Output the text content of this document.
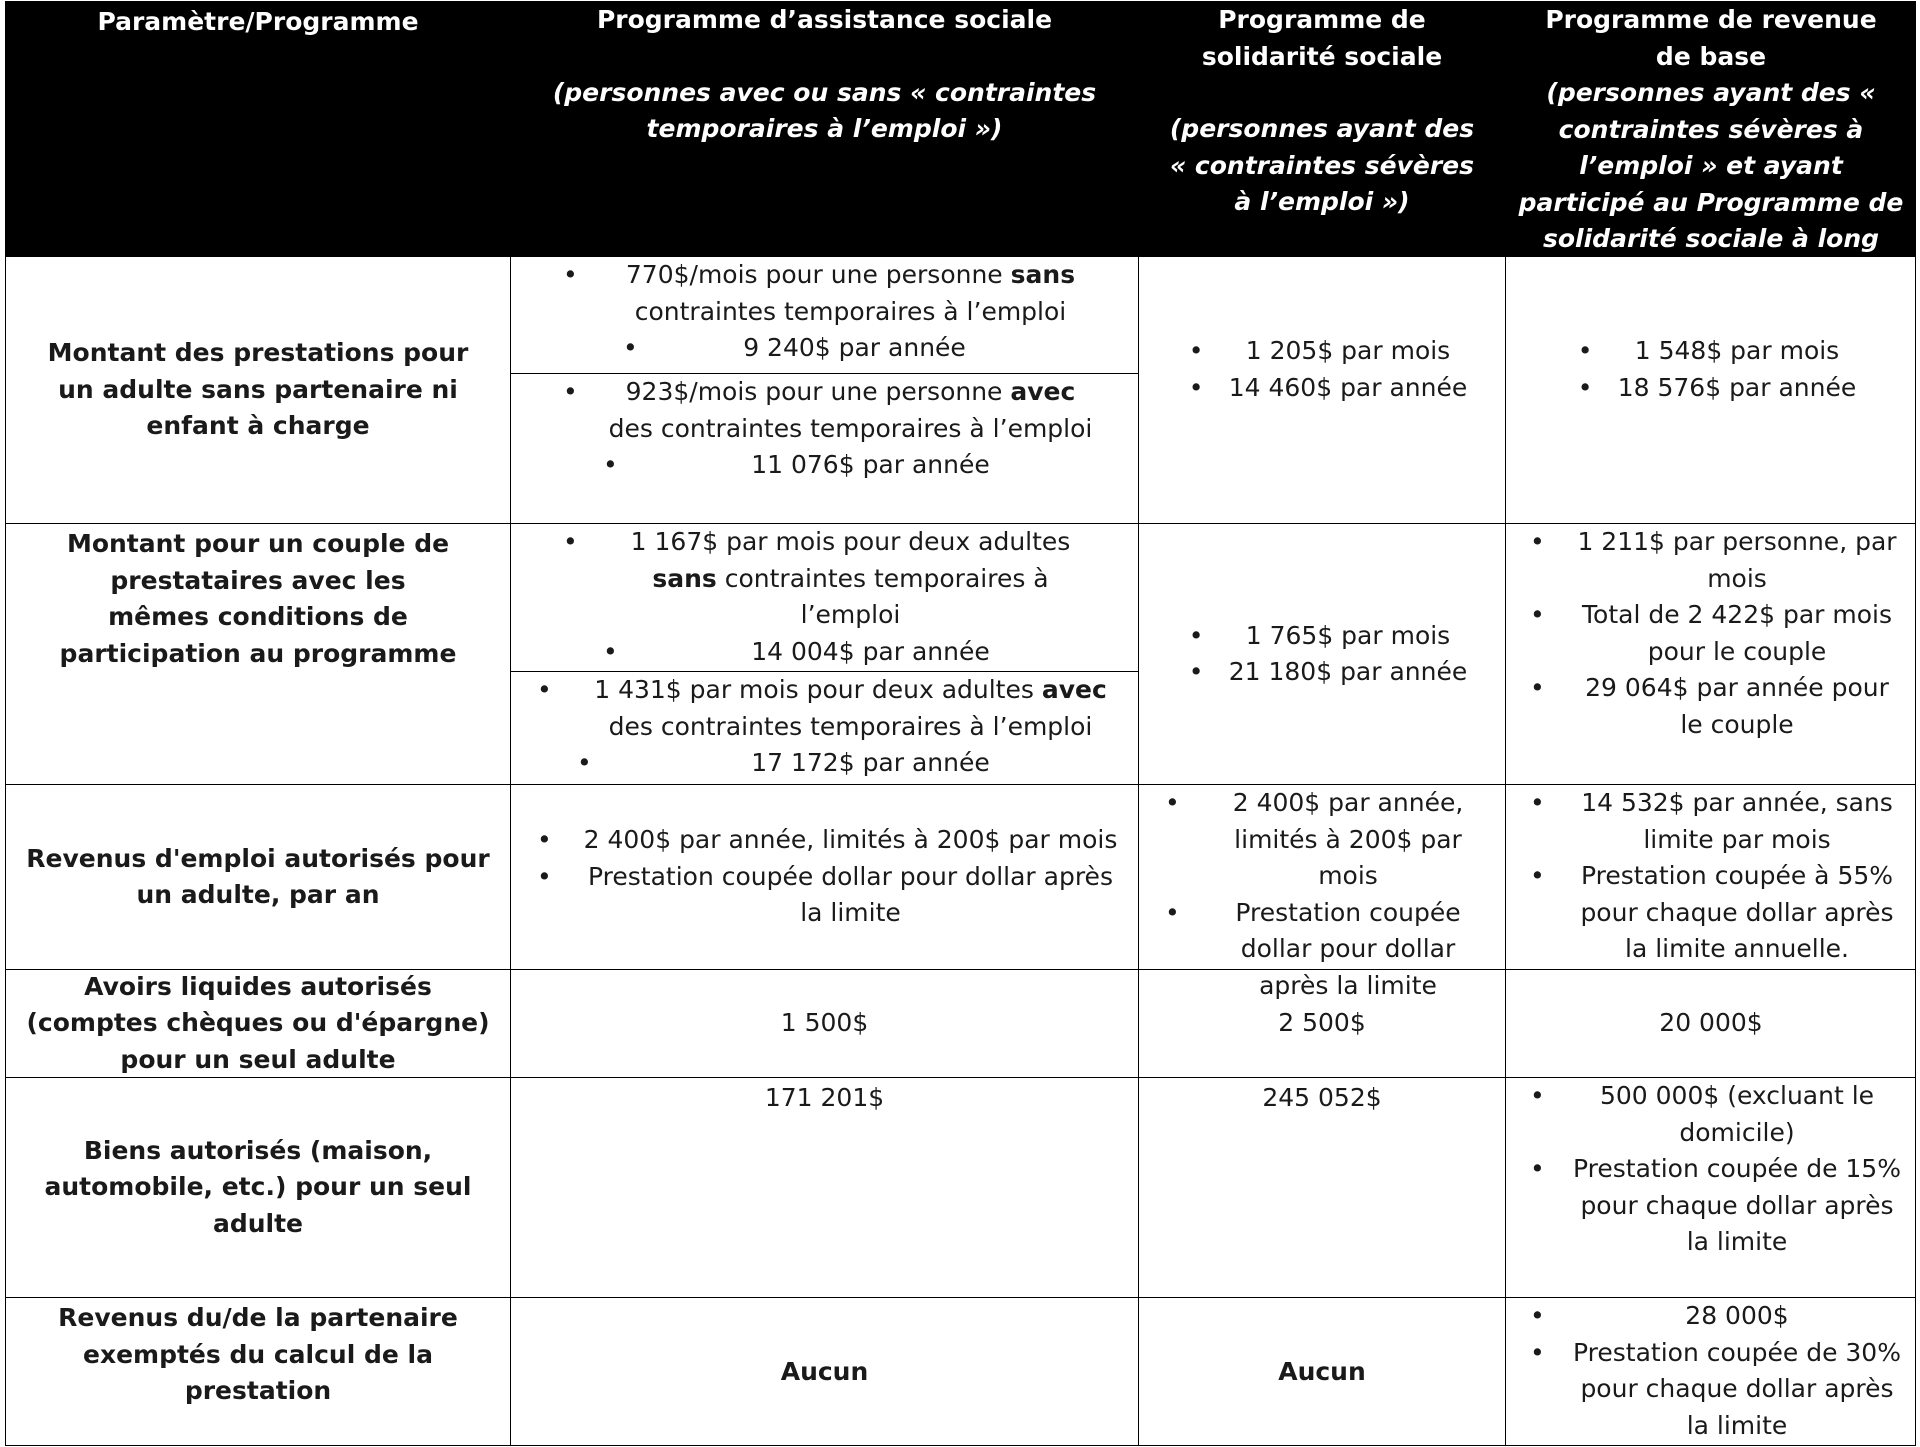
Paramètre/Programme	Programme d’assistance sociale
(personnes avec ou sans « contraintes temporaires à l’emploi »)
Programme de solidarité sociale
(personnes ayant des « contraintes sévères à l’emploi »)
Programme de revenue de base
(personnes ayant des « contraintes sévères à l’emploi » et ayant participé au Programme de solidarité sociale à long terme)
Montant des prestations pour un adulte sans partenaire ni enfant à charge
• 770$/mois pour une personne sans contraintes temporaires à l’emploi
• 9 240$ par année
• 923$/mois pour une personne avec des contraintes temporaires à l’emploi
• 11 076$ par année
• 1 205$ par mois
• 14 460$ par année
• 1 548$ par mois
• 18 576$ par année
Montant pour un couple de prestataires avec les mêmes conditions de participation au programme
• 1 167$ par mois pour deux adultes sans contraintes temporaires à l’emploi
• 14 004$ par année
• 1 431$ par mois pour deux adultes avec des contraintes temporaires à l’emploi
• 17 172$ par année
• 1 765$ par mois
• 21 180$ par année
• 1 211$ par personne, par mois
• Total de 2 422$ par mois pour le couple
• 29 064$ par année pour le couple
Revenus d'emploi autorisés pour un adulte, par an
• 2 400$ par année, limités à 200$ par mois
• Prestation coupée dollar pour dollar après la limite
• 2 400$ par année, limités à 200$ par mois
• Prestation coupée dollar pour dollar après la limite
• 14 532$ par année, sans limite par mois
• Prestation coupée à 55% pour chaque dollar après la limite annuelle.
Avoirs liquides autorisés (comptes chèques ou d'épargne) pour un seul adulte
1 500$	2 500$	20 000$
Biens autorisés (maison, automobile, etc.) pour un seul adulte
171 201$	245 052$
•	500 000$ (excluant le domicile)
• Prestation coupée de 15% pour chaque dollar après la limite
Revenus du/de la partenaire exemptés du calcul de la prestation
Aucun	Aucun
• 28 000$
• Prestation coupée de 30% pour chaque dollar après la limite
